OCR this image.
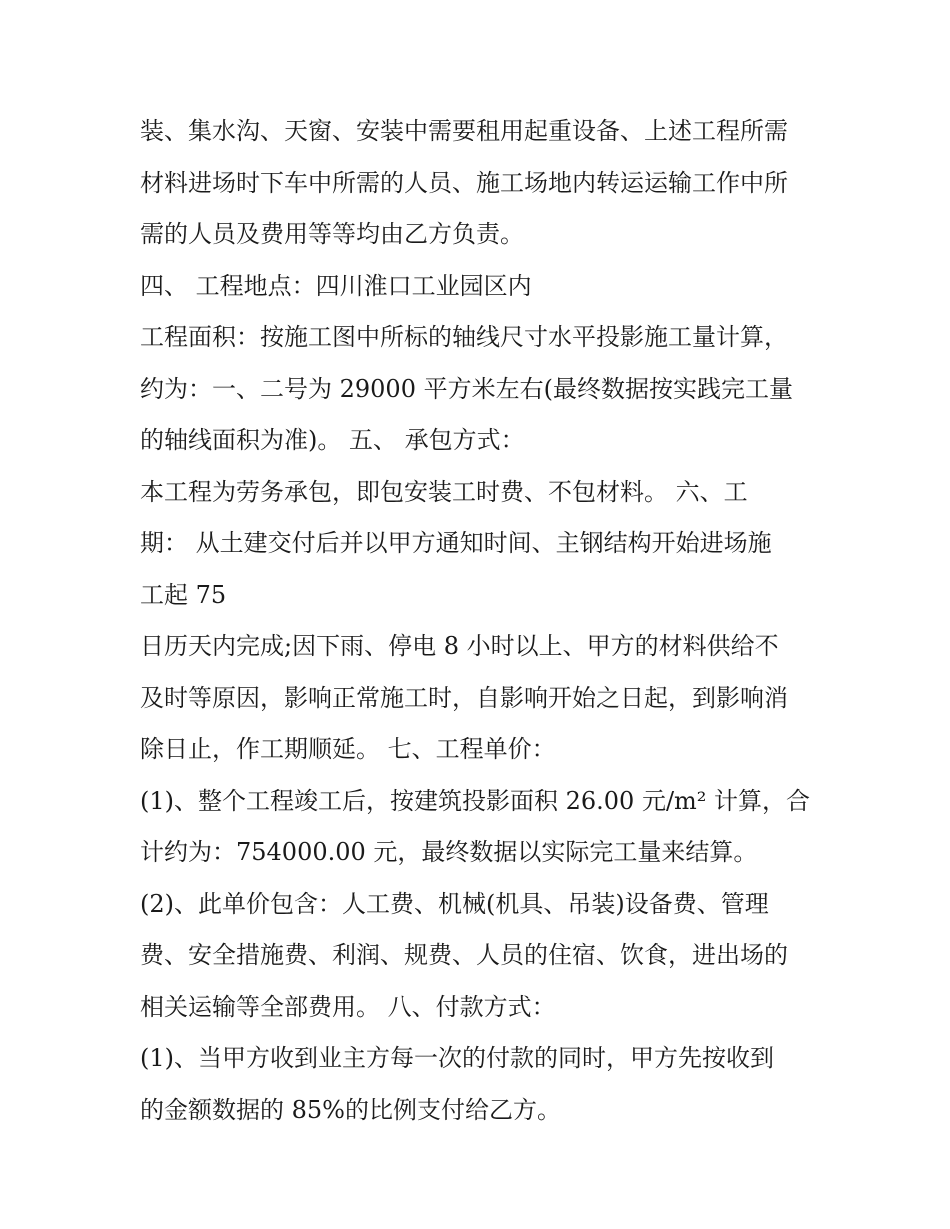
装、集水沟、天窗、安装中需要租用起重设备、上述工程所需
材料进场时下车中所需的人员、施工场地内转运运输工作中所
需的人员及费用等等均由乙方负责。
四、 工程地点：四川淮口工业园区内
工程面积：按施工图中所标的轴线尺寸水平投影施工量计算，
约为：一、二号为 29000 平方米左右(最终数据按实践完工量
的轴线面积为准)。 五、 承包方式：
本工程为劳务承包，即包安装工时费、不包材料。 六、工
期： 从土建交付后并以甲方通知时间、主钢结构开始进场施
工起 75
日历天内完成;因下雨、停电 8 小时以上、甲方的材料供给不
及时等原因，影响正常施工时，自影响开始之日起，到影响消
除日止，作工期顺延。 七、工程单价：
(1)、整个工程竣工后，按建筑投影面积 26.00 元/m² 计算，合
计约为：754000.00 元，最终数据以实际完工量来结算。
(2)、此单价包含：人工费、机械(机具、吊装)设备费、管理
费、安全措施费、利润、规费、人员的住宿、饮食，进出场的
相关运输等全部费用。 八、付款方式：
(1)、当甲方收到业主方每一次的付款的同时，甲方先按收到
的金额数据的 85%的比例支付给乙方。
